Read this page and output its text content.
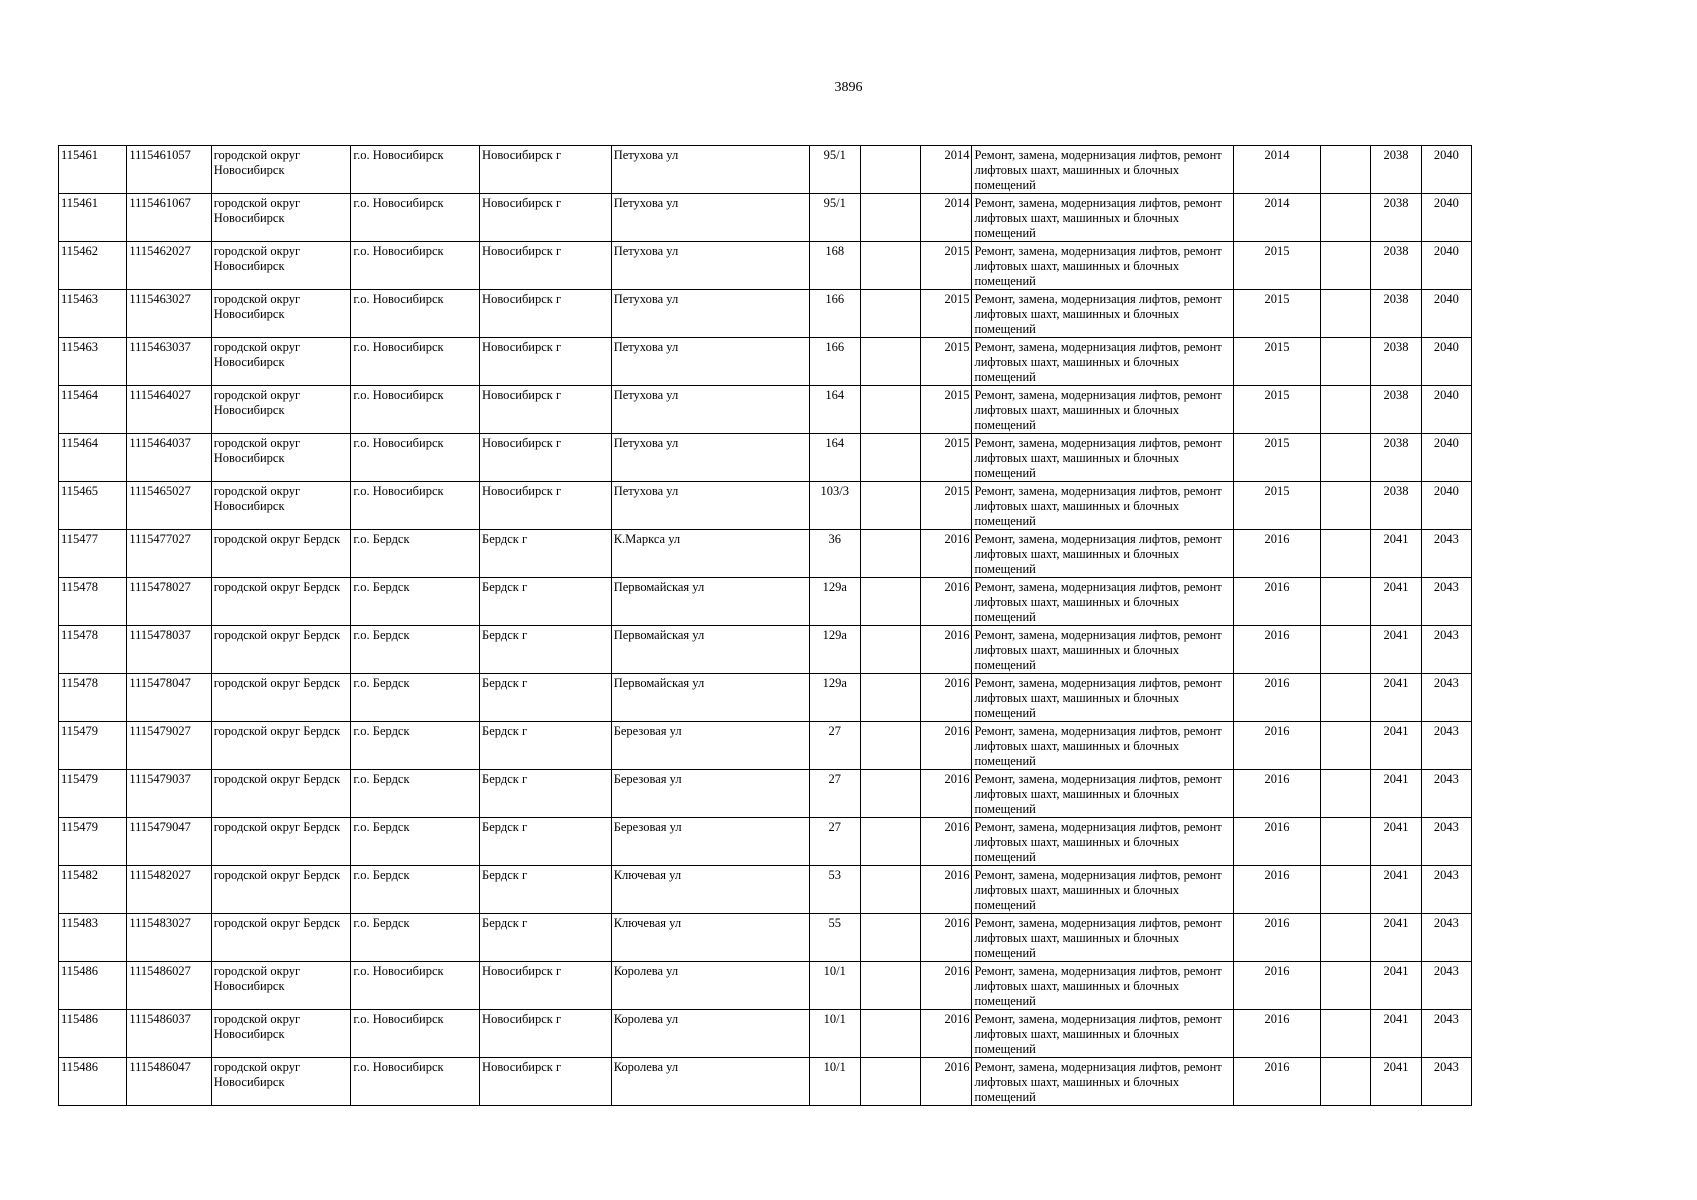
3896
115461	1115461057	городской округ Новосибирск	г.о. Новосибирск	Новосибирск г	Петухова ул	95/1		2014	Ремонт, замена, модернизация лифтов, ремонт лифтовых шахт, машинных и блочных помещений	2014		2038	2040
115461	1115461067	городской округ Новосибирск	г.о. Новосибирск	Новосибирск г	Петухова ул	95/1		2014	Ремонт, замена, модернизация лифтов, ремонт лифтовых шахт, машинных и блочных помещений	2014		2038	2040
115462	1115462027	городской округ Новосибирск	г.о. Новосибирск	Новосибирск г	Петухова ул	168		2015	Ремонт, замена, модернизация лифтов, ремонт лифтовых шахт, машинных и блочных помещений	2015		2038	2040
115463	1115463027	городской округ Новосибирск	г.о. Новосибирск	Новосибирск г	Петухова ул	166		2015	Ремонт, замена, модернизация лифтов, ремонт лифтовых шахт, машинных и блочных помещений	2015		2038	2040
115463	1115463037	городской округ Новосибирск	г.о. Новосибирск	Новосибирск г	Петухова ул	166		2015	Ремонт, замена, модернизация лифтов, ремонт лифтовых шахт, машинных и блочных помещений	2015		2038	2040
115464	1115464027	городской округ Новосибирск	г.о. Новосибирск	Новосибирск г	Петухова ул	164		2015	Ремонт, замена, модернизация лифтов, ремонт лифтовых шахт, машинных и блочных помещений	2015		2038	2040
115464	1115464037	городской округ Новосибирск	г.о. Новосибирск	Новосибирск г	Петухова ул	164		2015	Ремонт, замена, модернизация лифтов, ремонт лифтовых шахт, машинных и блочных помещений	2015		2038	2040
115465	1115465027	городской округ Новосибирск	г.о. Новосибирск	Новосибирск г	Петухова ул	103/3		2015	Ремонт, замена, модернизация лифтов, ремонт лифтовых шахт, машинных и блочных помещений	2015		2038	2040
115477	1115477027	городской округ Бердск	г.о. Бердск	Бердск г	К.Маркса ул	36		2016	Ремонт, замена, модернизация лифтов, ремонт лифтовых шахт, машинных и блочных помещений	2016		2041	2043
115478	1115478027	городской округ Бердск	г.о. Бердск	Бердск г	Первомайская ул	129а		2016	Ремонт, замена, модернизация лифтов, ремонт лифтовых шахт, машинных и блочных помещений	2016		2041	2043
115478	1115478037	городской округ Бердск	г.о. Бердск	Бердск г	Первомайская ул	129а		2016	Ремонт, замена, модернизация лифтов, ремонт лифтовых шахт, машинных и блочных помещений	2016		2041	2043
115478	1115478047	городской округ Бердск	г.о. Бердск	Бердск г	Первомайская ул	129а		2016	Ремонт, замена, модернизация лифтов, ремонт лифтовых шахт, машинных и блочных помещений	2016		2041	2043
115479	1115479027	городской округ Бердск	г.о. Бердск	Бердск г	Березовая ул	27		2016	Ремонт, замена, модернизация лифтов, ремонт лифтовых шахт, машинных и блочных помещений	2016		2041	2043
115479	1115479037	городской округ Бердск	г.о. Бердск	Бердск г	Березовая ул	27		2016	Ремонт, замена, модернизация лифтов, ремонт лифтовых шахт, машинных и блочных помещений	2016		2041	2043
115479	1115479047	городской округ Бердск	г.о. Бердск	Бердск г	Березовая ул	27		2016	Ремонт, замена, модернизация лифтов, ремонт лифтовых шахт, машинных и блочных помещений	2016		2041	2043
115482	1115482027	городской округ Бердск	г.о. Бердск	Бердск г	Ключевая ул	53		2016	Ремонт, замена, модернизация лифтов, ремонт лифтовых шахт, машинных и блочных помещений	2016		2041	2043
115483	1115483027	городской округ Бердск	г.о. Бердск	Бердск г	Ключевая ул	55		2016	Ремонт, замена, модернизация лифтов, ремонт лифтовых шахт, машинных и блочных помещений	2016		2041	2043
115486	1115486027	городской округ Новосибирск	г.о. Новосибирск	Новосибирск г	Королева ул	10/1		2016	Ремонт, замена, модернизация лифтов, ремонт лифтовых шахт, машинных и блочных помещений	2016		2041	2043
115486	1115486037	городской округ Новосибирск	г.о. Новосибирск	Новосибирск г	Королева ул	10/1		2016	Ремонт, замена, модернизация лифтов, ремонт лифтовых шахт, машинных и блочных помещений	2016		2041	2043
115486	1115486047	городской округ Новосибирск	г.о. Новосибирск	Новосибирск г	Королева ул	10/1		2016	Ремонт, замена, модернизация лифтов, ремонт лифтовых шахт, машинных и блочных помещений	2016		2041	2043
